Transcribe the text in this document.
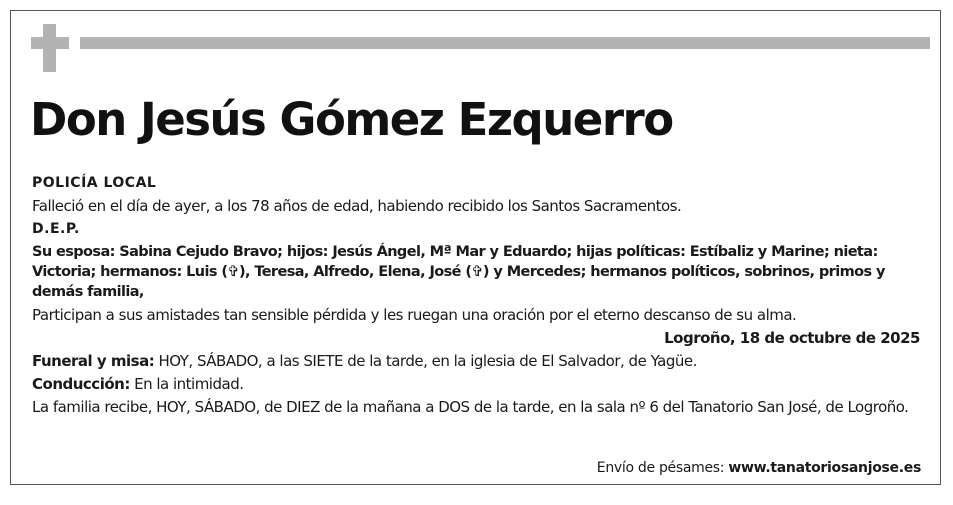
Don Jesús Gómez Ezquerro

POLICÍA LOCAL

Falleció en el día de ayer, a los 78 años de edad, habiendo recibido los Santos Sacramentos.

D.E.P.

Su esposa: Sabina Cejudo Bravo; hijos: Jesús Ángel, Mª Mar y Eduardo; hijas políticas: Estíbaliz y Marine; nieta: Victoria; hermanos: Luis (✞), Teresa, Alfredo, Elena, José (✞) y Mercedes; hermanos políticos, sobrinos, primos y demás familia,

Participan a sus amistades tan sensible pérdida y les ruegan una oración por el eterno descanso de su alma.

Logroño, 18 de octubre de 2025

Funeral y misa: HOY, SÁBADO, a las SIETE de la tarde, en la iglesia de El Salvador, de Yagüe.

Conducción: En la intimidad.

La familia recibe, HOY, SÁBADO, de DIEZ de la mañana a DOS de la tarde, en la sala nº 6 del Tanatorio San José, de Logroño.

Envío de pésames: www.tanatoriosanjose.es
